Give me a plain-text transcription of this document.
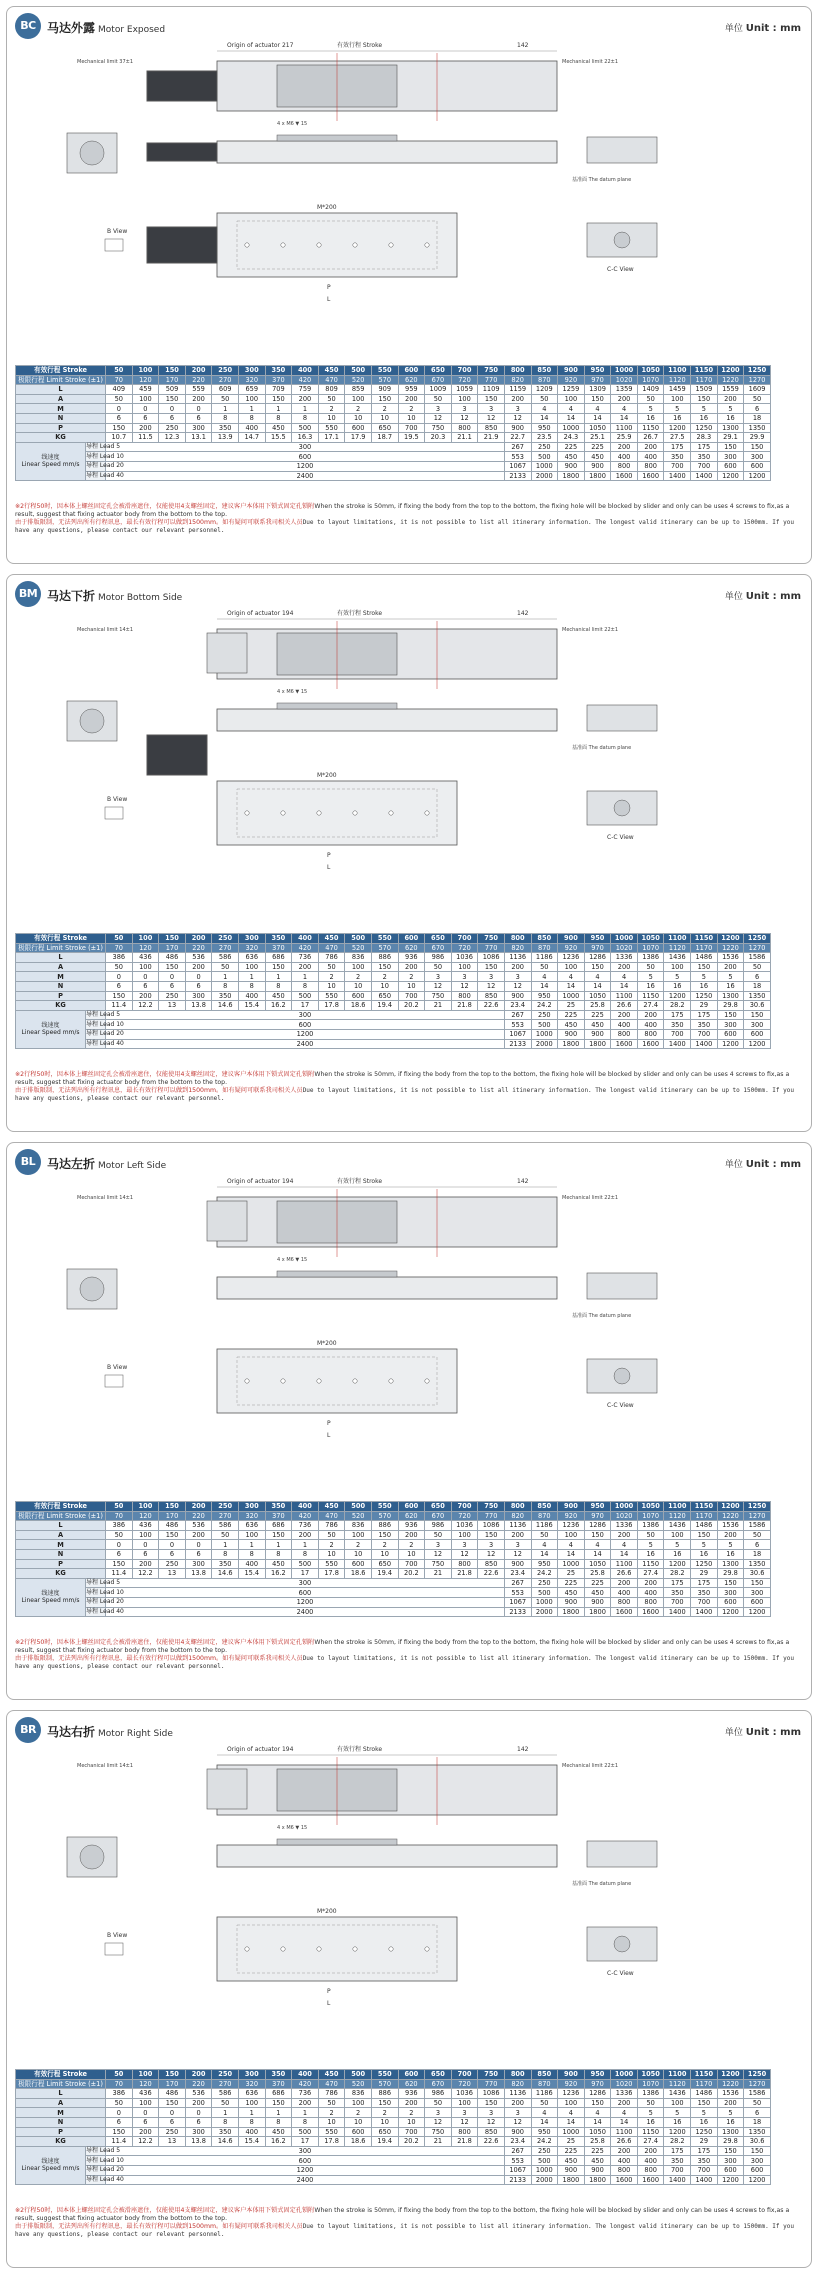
BC 马达外露 Motor Exposed	单位 Unit : mm
Origin of actuator 217	有效行程 Stroke	142
Mechanical limit 37±1	Mechanical limit 22±1
4 x M6 ▼ 15
基准面 The datum plane
M*200
P
L
B View
C-C View
有效行程 Stroke		50	100	150	200	250	300	350	400	450	500	550	600	650	700	750	800	850	900	950	1000	1050	1100	1150	1200	1250
极限行程 Limit Stroke (±1)		70	120	170	220	270	320	370	420	470	520	570	620	670	720	770	820	870	920	970	1020	1070	1120	1170	1220	1270
L		409	459	509	559	609	659	709	759	809	859	909	959	1009	1059	1109	1159	1209	1259	1309	1359	1409	1459	1509	1559	1609
A		50	100	150	200	50	100	150	200	50	100	150	200	50	100	150	200	50	100	150	200	50	100	150	200	50
M		0	0	0	0	1	1	1	1	2	2	2	2	3	3	3	3	4	4	4	4	5	5	5	5	6
N		6	6	6	6	8	8	8	8	10	10	10	10	12	12	12	12	14	14	14	14	16	16	16	16	18
P		150	200	250	300	350	400	450	500	550	600	650	700	750	800	850	900	950	1000	1050	1100	1150	1200	1250	1300	1350
KG		10.7	11.5	12.3	13.1	13.9	14.7	15.5	16.3	17.1	17.9	18.7	19.5	20.3	21.1	21.9	22.7	23.5	24.3	25.1	25.9	26.7	27.5	28.3	29.1	29.9

线速度
Linear Speed mm/s	导程 Lead 5	300															267	250	225	225	200	200	175	175	150	150
	导程 Lead 10	600															553	500	450	450	400	400	350	350	300	300
	导程 Lead 20	1200															1067	1000	900	900	800	800	700	700	600	600
	导程 Lead 40	2400															2133	2000	1800	1800	1600	1600	1400	1400	1200	1200
※2行程50时，因本体上螺丝固定孔会被滑座遮住，仅能使用4支螺丝固定，建议客户本体用下锁式固定孔锁附When the stroke is 50mm, if fixing the body from the top to the bottom, the fixing hole will be blocked by slider and only can be uses 4 screws to fix,as a result, suggest that fixing actuator body from the bottom to the top.
由于排版限制，无法列出所有行程讯息，最长有效行程可以做到1500mm。如有疑问可联系我司相关人员Due to layout limitations, it is not possible to list all itinerary information. The longest valid itinerary can be up to 1500mm. If you have any questions, please contact our relevant personnel.
BM 马达下折 Motor Bottom Side	单位 Unit : mm
Origin of actuator 194	有效行程 Stroke	142
Mechanical limit 14±1	Mechanical limit 22±1
4 x M6 ▼ 15
基准面 The datum plane
M*200
P
L
B View
C-C View
有效行程 Stroke		50	100	150	200	250	300	350	400	450	500	550	600	650	700	750	800	850	900	950	1000	1050	1100	1150	1200	1250
极限行程 Limit Stroke (±1)		70	120	170	220	270	320	370	420	470	520	570	620	670	720	770	820	870	920	970	1020	1070	1120	1170	1220	1270
L		386	436	486	536	586	636	686	736	786	836	886	936	986	1036	1086	1136	1186	1236	1286	1336	1386	1436	1486	1536	1586
A		50	100	150	200	50	100	150	200	50	100	150	200	50	100	150	200	50	100	150	200	50	100	150	200	50
M		0	0	0	0	1	1	1	1	2	2	2	2	3	3	3	3	4	4	4	4	5	5	5	5	6
N		6	6	6	6	8	8	8	8	10	10	10	10	12	12	12	12	14	14	14	14	16	16	16	16	18
P		150	200	250	300	350	400	450	500	550	600	650	700	750	800	850	900	950	1000	1050	1100	1150	1200	1250	1300	1350
KG		11.4	12.2	13	13.8	14.6	15.4	16.2	17	17.8	18.6	19.4	20.2	21	21.8	22.6	23.4	24.2	25	25.8	26.6	27.4	28.2	29	29.8	30.6

线速度
Linear Speed mm/s	导程 Lead 5	300															267	250	225	225	200	200	175	175	150	150
	导程 Lead 10	600															553	500	450	450	400	400	350	350	300	300
	导程 Lead 20	1200															1067	1000	900	900	800	800	700	700	600	600
	导程 Lead 40	2400															2133	2000	1800	1800	1600	1600	1400	1400	1200	1200
※2行程50时，因本体上螺丝固定孔会被滑座遮住，仅能使用4支螺丝固定，建议客户本体用下锁式固定孔锁附When the stroke is 50mm, if fixing the body from the top to the bottom, the fixing hole will be blocked by slider and only can be uses 4 screws to fix,as a result, suggest that fixing actuator body from the bottom to the top.
由于排版限制，无法列出所有行程讯息，最长有效行程可以做到1500mm。如有疑问可联系我司相关人员Due to layout limitations, it is not possible to list all itinerary information. The longest valid itinerary can be up to 1500mm. If you have any questions, please contact our relevant personnel.
BL 马达左折 Motor Left Side	单位 Unit : mm
Origin of actuator 194	有效行程 Stroke	142
Mechanical limit 14±1	Mechanical limit 22±1
4 x M6 ▼ 15
基准面 The datum plane
M*200
P
L
B View
C-C View
有效行程 Stroke		50	100	150	200	250	300	350	400	450	500	550	600	650	700	750	800	850	900	950	1000	1050	1100	1150	1200	1250
极限行程 Limit Stroke (±1)		70	120	170	220	270	320	370	420	470	520	570	620	670	720	770	820	870	920	970	1020	1070	1120	1170	1220	1270
L		386	436	486	536	586	636	686	736	786	836	886	936	986	1036	1086	1136	1186	1236	1286	1336	1386	1436	1486	1536	1586
A		50	100	150	200	50	100	150	200	50	100	150	200	50	100	150	200	50	100	150	200	50	100	150	200	50
M		0	0	0	0	1	1	1	1	2	2	2	2	3	3	3	3	4	4	4	4	5	5	5	5	6
N		6	6	6	6	8	8	8	8	10	10	10	10	12	12	12	12	14	14	14	14	16	16	16	16	18
P		150	200	250	300	350	400	450	500	550	600	650	700	750	800	850	900	950	1000	1050	1100	1150	1200	1250	1300	1350
KG		11.4	12.2	13	13.8	14.6	15.4	16.2	17	17.8	18.6	19.4	20.2	21	21.8	22.6	23.4	24.2	25	25.8	26.6	27.4	28.2	29	29.8	30.6

线速度
Linear Speed mm/s	导程 Lead 5	300															267	250	225	225	200	200	175	175	150	150
	导程 Lead 10	600															553	500	450	450	400	400	350	350	300	300
	导程 Lead 20	1200															1067	1000	900	900	800	800	700	700	600	600
	导程 Lead 40	2400															2133	2000	1800	1800	1600	1600	1400	1400	1200	1200
※2行程50时，因本体上螺丝固定孔会被滑座遮住，仅能使用4支螺丝固定，建议客户本体用下锁式固定孔锁附When the stroke is 50mm, if fixing the body from the top to the bottom, the fixing hole will be blocked by slider and only can be uses 4 screws to fix,as a result, suggest that fixing actuator body from the bottom to the top.
由于排版限制，无法列出所有行程讯息，最长有效行程可以做到1500mm。如有疑问可联系我司相关人员Due to layout limitations, it is not possible to list all itinerary information. The longest valid itinerary can be up to 1500mm. If you have any questions, please contact our relevant personnel.
BR 马达右折 Motor Right Side	单位 Unit : mm
Origin of actuator 194	有效行程 Stroke	142
Mechanical limit 14±1	Mechanical limit 22±1
4 x M6 ▼ 15
基准面 The datum plane
M*200
P
L
B View
C-C View
有效行程 Stroke		50	100	150	200	250	300	350	400	450	500	550	600	650	700	750	800	850	900	950	1000	1050	1100	1150	1200	1250
极限行程 Limit Stroke (±1)		70	120	170	220	270	320	370	420	470	520	570	620	670	720	770	820	870	920	970	1020	1070	1120	1170	1220	1270
L		386	436	486	536	586	636	686	736	786	836	886	936	986	1036	1086	1136	1186	1236	1286	1336	1386	1436	1486	1536	1586
A		50	100	150	200	50	100	150	200	50	100	150	200	50	100	150	200	50	100	150	200	50	100	150	200	50
M		0	0	0	0	1	1	1	1	2	2	2	2	3	3	3	3	4	4	4	4	5	5	5	5	6
N		6	6	6	6	8	8	8	8	10	10	10	10	12	12	12	12	14	14	14	14	16	16	16	16	18
P		150	200	250	300	350	400	450	500	550	600	650	700	750	800	850	900	950	1000	1050	1100	1150	1200	1250	1300	1350
KG		11.4	12.2	13	13.8	14.6	15.4	16.2	17	17.8	18.6	19.4	20.2	21	21.8	22.6	23.4	24.2	25	25.8	26.6	27.4	28.2	29	29.8	30.6

线速度
Linear Speed mm/s	导程 Lead 5	300															267	250	225	225	200	200	175	175	150	150
	导程 Lead 10	600															553	500	450	450	400	400	350	350	300	300
	导程 Lead 20	1200															1067	1000	900	900	800	800	700	700	600	600
	导程 Lead 40	2400															2133	2000	1800	1800	1600	1600	1400	1400	1200	1200
※2行程50时，因本体上螺丝固定孔会被滑座遮住，仅能使用4支螺丝固定，建议客户本体用下锁式固定孔锁附When the stroke is 50mm, if fixing the body from the top to the bottom, the fixing hole will be blocked by slider and only can be uses 4 screws to fix,as a result, suggest that fixing actuator body from the bottom to the top.
由于排版限制，无法列出所有行程讯息，最长有效行程可以做到1500mm。如有疑问可联系我司相关人员Due to layout limitations, it is not possible to list all itinerary information. The longest valid itinerary can be up to 1500mm. If you have any questions, please contact our relevant personnel.
